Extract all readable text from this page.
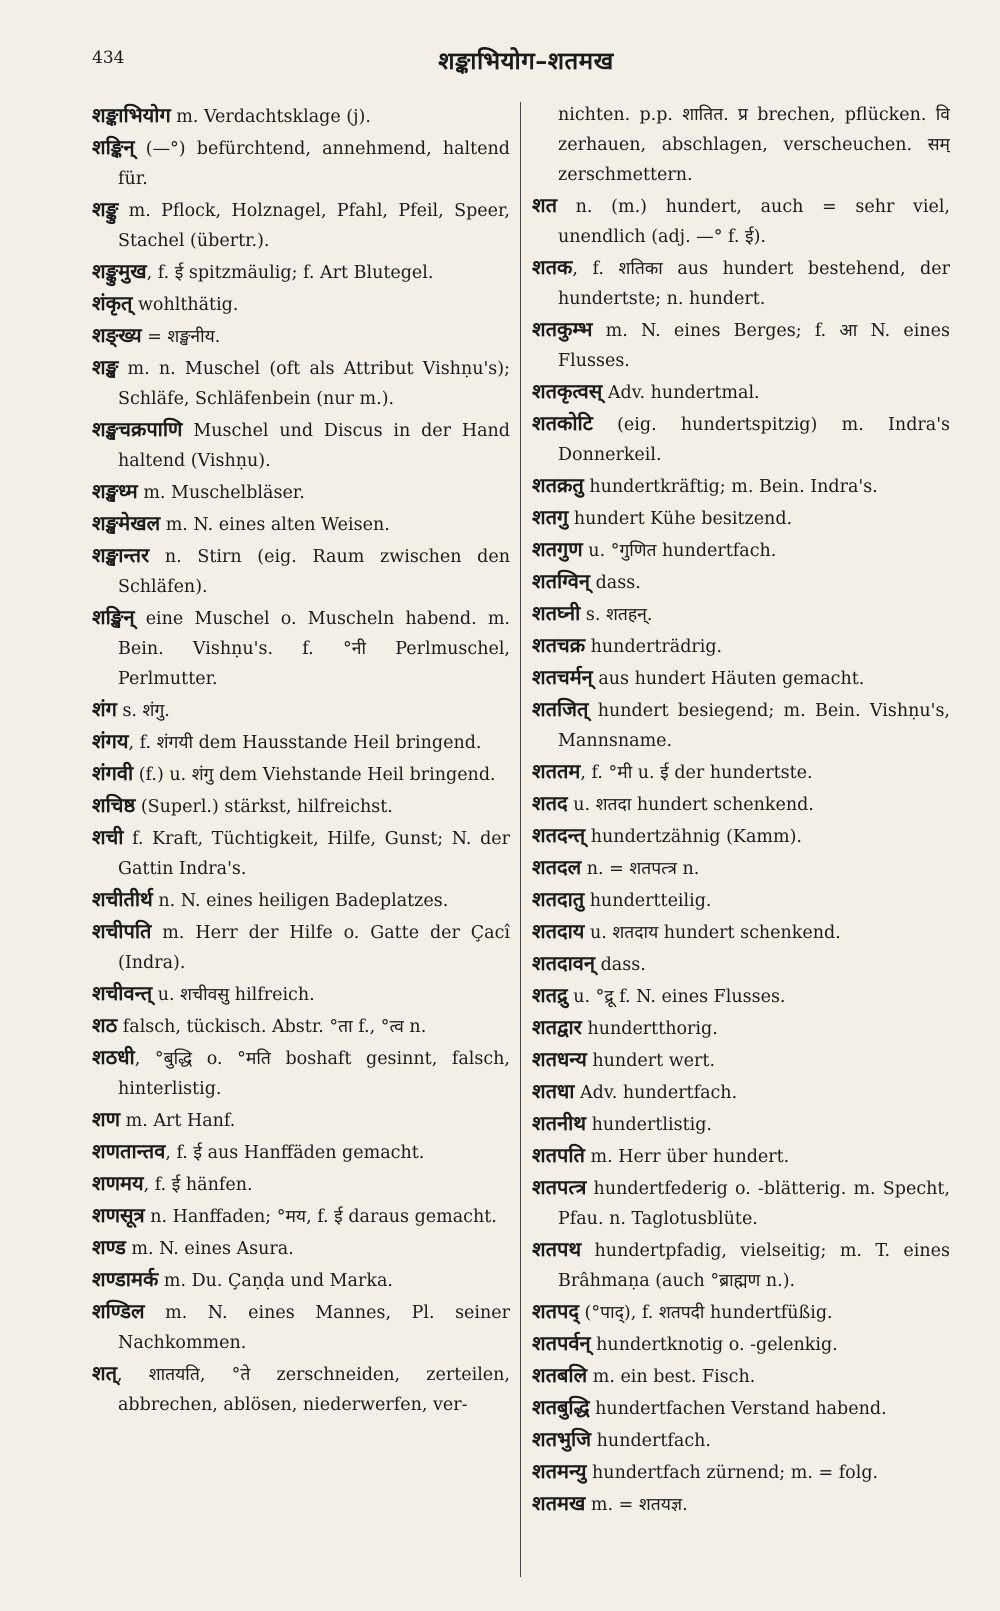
434	शङ्काभियोग–शतमख
शङ्काभियोग m. Verdachtsklage (j).
शङ्किन् (—°) befürchtend, annehmend, haltend für.
शङ्कु m. Pflock, Holznagel, Pfahl, Pfeil, Speer, Stachel (übertr.).
शङ्कुमुख, f. ई spitzmäulig; f. Art Blutegel.
शंकृत् wohlthätig.
शङ्ख्य = शङ्खनीय.
शङ्ख m. n. Muschel (oft als Attribut Vishṇu's); Schläfe, Schläfenbein (nur m.).
शङ्खचक्रपाणि Muschel und Discus in der Hand haltend (Vishṇu).
शङ्खध्म m. Muschelbläser.
शङ्खमेखल m. N. eines alten Weisen.
शङ्खान्तर n. Stirn (eig. Raum zwischen den Schläfen).
शङ्खिन् eine Muschel o. Muscheln habend. m. Bein. Vishṇu's. f. °नी Perlmuschel, Perlmutter.
शंग s. शंगु.
शंगय, f. शंगयी dem Hausstande Heil bringend.
शंगवी (f.) u. शंगु dem Viehstande Heil bringend.
शचिष्ठ (Superl.) stärkst, hilfreichst.
शची f. Kraft, Tüchtigkeit, Hilfe, Gunst; N. der Gattin Indra's.
शचीतीर्थ n. N. eines heiligen Badeplatzes.
शचीपति m. Herr der Hilfe o. Gatte der Çacî (Indra).
शचीवन्त् u. शचीवसु hilfreich.
शठ falsch, tückisch. Abstr. °ता f., °त्व n.
शठधी, °बुद्धि o. °मति boshaft gesinnt, falsch, hinterlistig.
शण m. Art Hanf.
शणतान्तव, f. ई aus Hanffäden gemacht.
शणमय, f. ई hänfen.
शणसूत्र n. Hanffaden; °मय, f. ई daraus gemacht.
शण्ड m. N. eines Asura.
शण्डामर्क m. Du. Çaṇḍa und Marka.
शण्डिल m. N. eines Mannes, Pl. seiner Nachkommen.
शत्, शातयति, °ते zerschneiden, zerteilen, abbrechen, ablösen, niederwerfen, ver-
nichten. p.p. शातित. प्र brechen, pflücken. वि zerhauen, abschlagen, verscheuchen. सम् zerschmettern.
शत n. (m.) hundert, auch = sehr viel, unendlich (adj. —° f. ई).
शतक, f. शतिका aus hundert bestehend, der hundertste; n. hundert.
शतकुम्भ m. N. eines Berges; f. आ N. eines Flusses.
शतकृत्वस् Adv. hundertmal.
शतकोटि (eig. hundertspitzig) m. Indra's Donnerkeil.
शतक्रतु hundertkräftig; m. Bein. Indra's.
शतगु hundert Kühe besitzend.
शतगुण u. °गुणित hundertfach.
शतग्विन् dass.
शतघ्नी s. शतहन्.
शतचक्र hunderträdrig.
शतचर्मन् aus hundert Häuten gemacht.
शतजित् hundert besiegend; m. Bein. Vishṇu's, Mannsname.
शततम, f. °मी u. ई der hundertste.
शतद u. शतदा hundert schenkend.
शतदन्त् hundertzähnig (Kamm).
शतदल n. = शतपत्त्र n.
शतदातु hundertteilig.
शतदाय u. शतदाय hundert schenkend.
शतदावन् dass.
शतद्रु u. °द्रू f. N. eines Flusses.
शतद्वार hundertthorig.
शतधन्य hundert wert.
शतधा Adv. hundertfach.
शतनीथ hundertlistig.
शतपति m. Herr über hundert.
शतपत्त्र hundertfederig o. -blätterig. m. Specht, Pfau. n. Taglotusblüte.
शतपथ hundertpfadig, vielseitig; m. T. eines Brâhmaṇa (auch °ब्राह्मण n.).
शतपद् (°पाद्), f. शतपदी hundertfüßig.
शतपर्वन् hundertknotig o. -gelenkig.
शतबलि m. ein best. Fisch.
शतबुद्धि hundertfachen Verstand habend.
शतभुजि hundertfach.
शतमन्यु hundertfach zürnend; m. = folg.
शतमख m. = शतयज्ञ.
